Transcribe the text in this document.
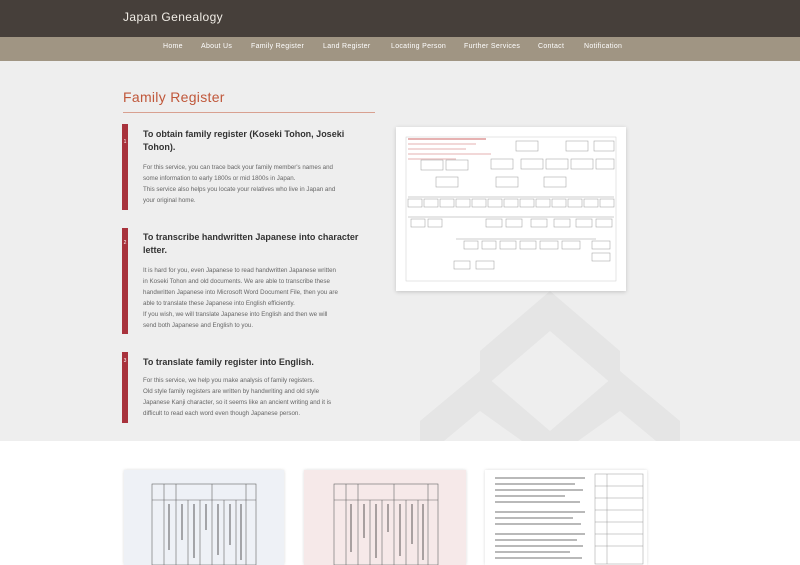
Japan Genealogy
Home	About Us	Family Register	Land Register	Locating Person	Further Services	Contact	Notification
Family Register
1
To obtain family register (Koseki Tohon, Joseki Tohon).
For this service, you can trace back your family member's names and
some information to early 1800s or mid 1800s in Japan.
This service also helps you locate your relatives who live in Japan and
your original home.
2
To transcribe handwritten Japanese into character letter.
It is hard for you, even Japanese to read handwritten Japanese written
in Koseki Tohon and old documents. We are able to transcribe these
handwritten Japanese into Microsoft Word Document File, then you are
able to translate these Japanese into English efficiently.
If you wish, we will translate Japanese into English and then we will
send both Japanese and English to you.
3 To translate family register into English.
For this service, we help you make analysis of family registers.
Old style family registers are written by handwriting and old style
Japanese Kanji character, so it seems like an ancient writing and it is
difficult to read each word even though Japanese person.
